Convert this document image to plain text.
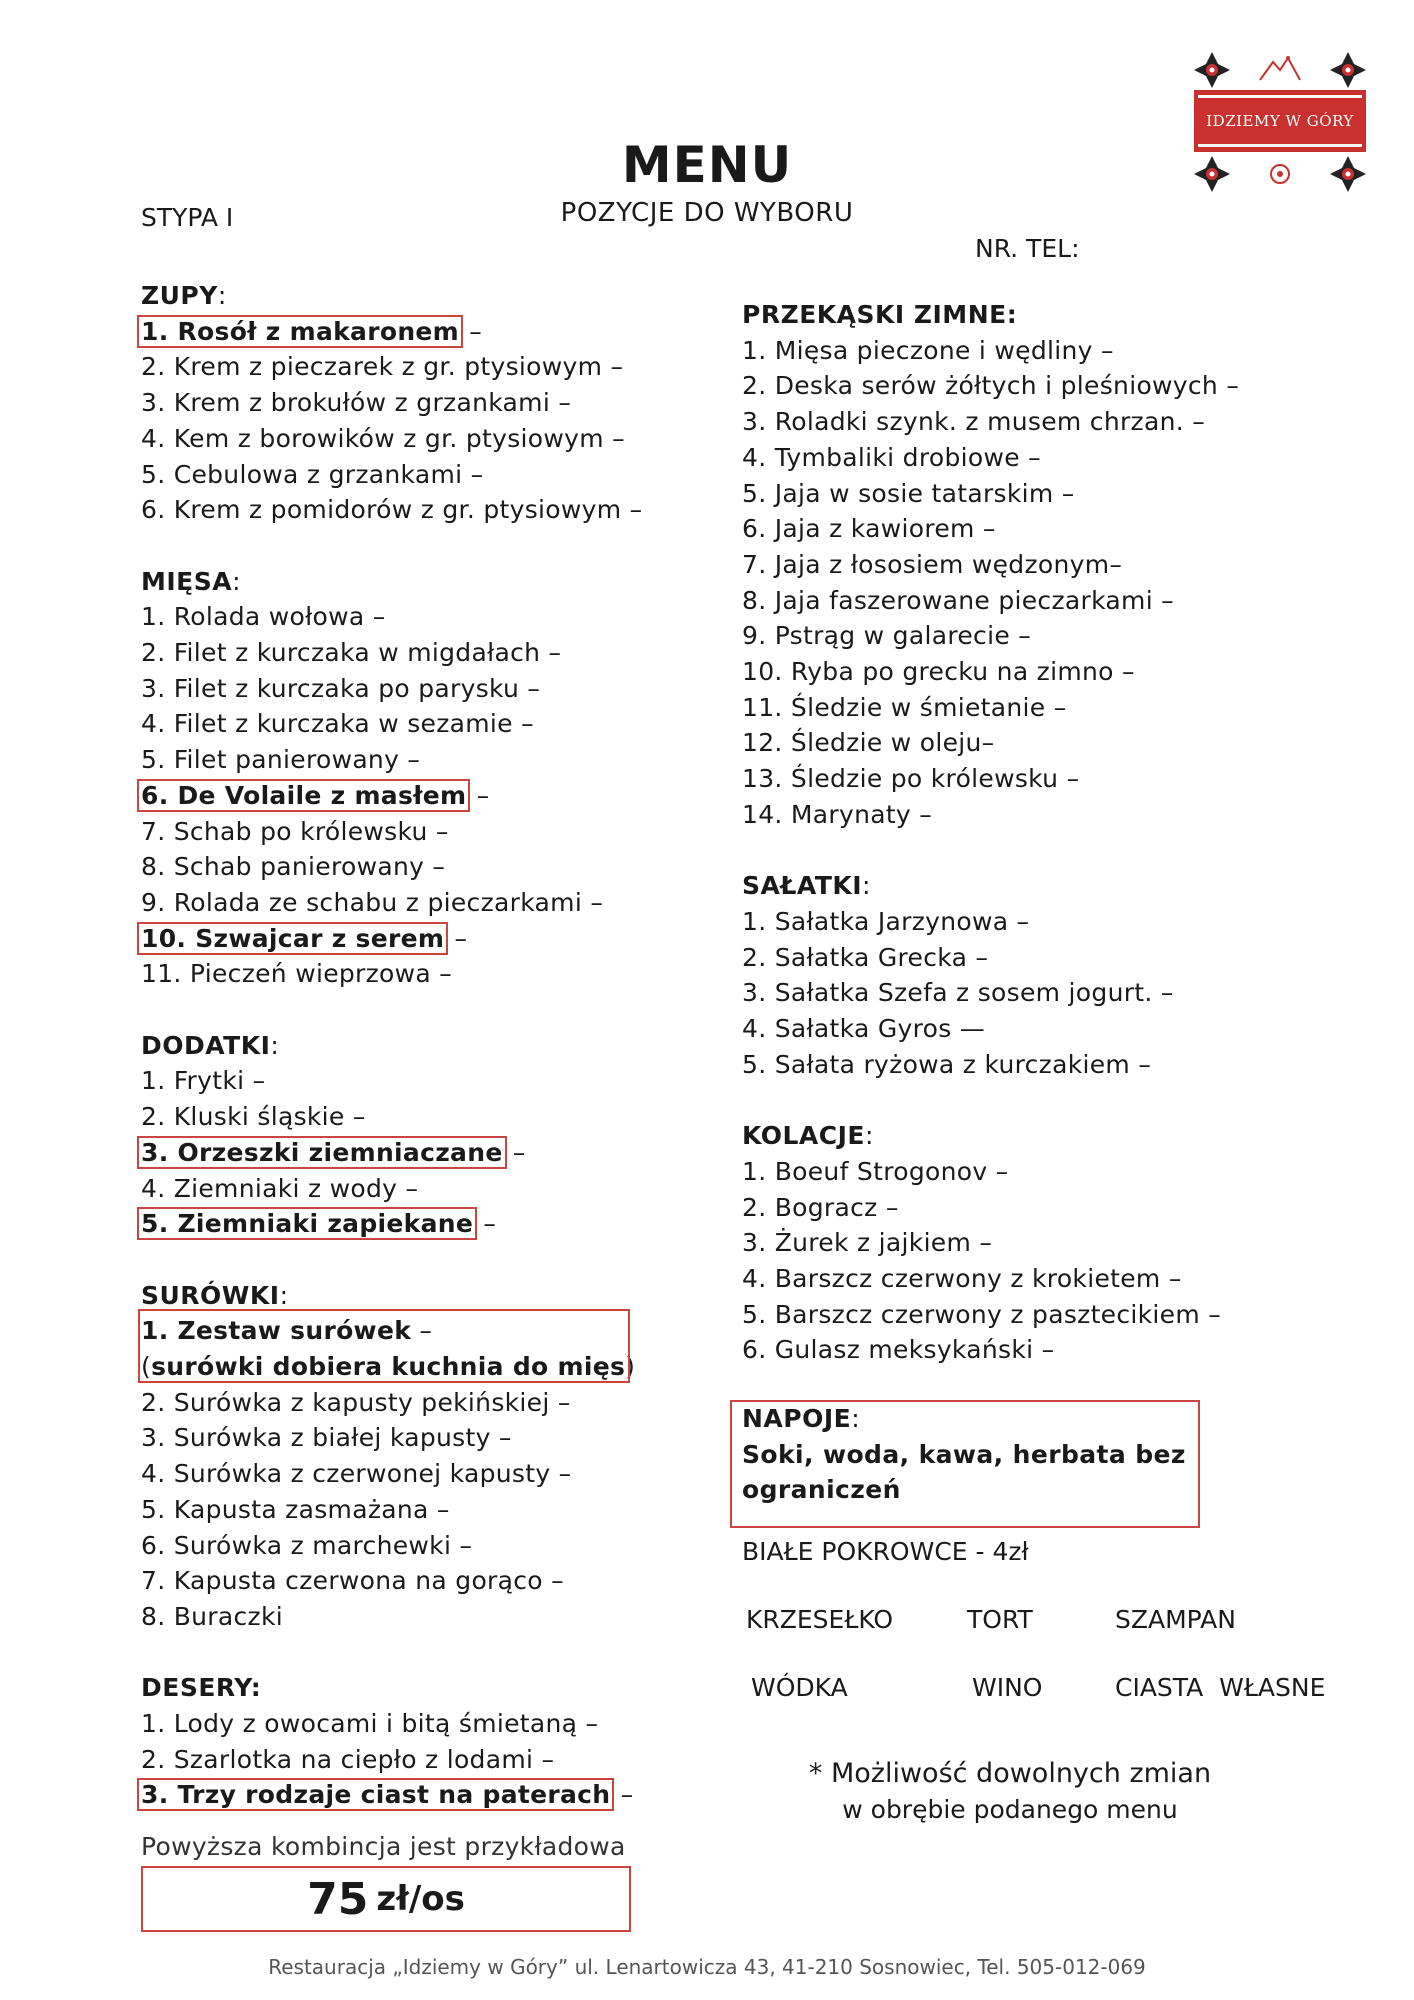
IDZIEMY W GÓRY
MENU
POZYCJE DO WYBORU
STYPA I
NR. TEL:
ZUPY:
1. Rosół z makaronem –
2. Krem z pieczarek z gr. ptysiowym –
3. Krem z brokułów z grzankami –
4. Kem z borowików z gr. ptysiowym –
5. Cebulowa z grzankami –
6. Krem z pomidorów z gr. ptysiowym –
MIĘSA:
1. Rolada wołowa –
2. Filet z kurczaka w migdałach –
3. Filet z kurczaka po parysku –
4. Filet z kurczaka w sezamie –
5. Filet panierowany –
6. De Volaile z masłem –
7. Schab po królewsku –
8. Schab panierowany –
9. Rolada ze schabu z pieczarkami –
10. Szwajcar z serem –
11. Pieczeń wieprzowa –
DODATKI:
1. Frytki –
2. Kluski śląskie –
3. Orzeszki ziemniaczane –
4. Ziemniaki z wody –
5. Ziemniaki zapiekane –
SURÓWKI:
1. Zestaw surówek –
(surówki dobiera kuchnia do mięs)
2. Surówka z kapusty pekińskiej –
3. Surówka z białej kapusty –
4. Surówka z czerwonej kapusty –
5. Kapusta zasmażana –
6. Surówka z marchewki –
7. Kapusta czerwona na gorąco –
8. Buraczki
DESERY:
1. Lody z owocami i bitą śmietaną –
2. Szarlotka na ciepło z lodami –
3. Trzy rodzaje ciast na paterach –
PRZEKĄSKI ZIMNE:
1. Mięsa pieczone i wędliny –
2. Deska serów żółtych i pleśniowych –
3. Roladki szynk. z musem chrzan. –
4. Tymbaliki drobiowe –
5. Jaja w sosie tatarskim –
6. Jaja z kawiorem –
7. Jaja z łososiem wędzonym–
8. Jaja faszerowane pieczarkami –
9. Pstrąg w galarecie –
10. Ryba po grecku na zimno –
11. Śledzie w śmietanie –
12. Śledzie w oleju–
13. Śledzie po królewsku –
14. Marynaty –
SAŁATKI:
1. Sałatka Jarzynowa –
2. Sałatka Grecka –
3. Sałatka Szefa z sosem jogurt. –
4. Sałatka Gyros —
5. Sałata ryżowa z kurczakiem –
KOLACJE:
1. Boeuf Strogonov –
2. Bogracz –
3. Żurek z jajkiem –
4. Barszcz czerwony z krokietem –
5. Barszcz czerwony z pasztecikiem –
6. Gulasz meksykański –
NAPOJE:
Soki, woda, kawa, herbata bez
ograniczeń
BIAŁE POKROWCE - 4zł
KRZESEŁKO	TORT	SZAMPAN
WÓDKA	WINO	CIASTA  WŁASNE
* Możliwość dowolnych zmian
w obrębie podanego menu
Powyższa kombincja jest przykładowa
75 zł/os
Restauracja „Idziemy w Góry” ul. Lenartowicza 43, 41-210 Sosnowiec, Tel. 505-012-069
